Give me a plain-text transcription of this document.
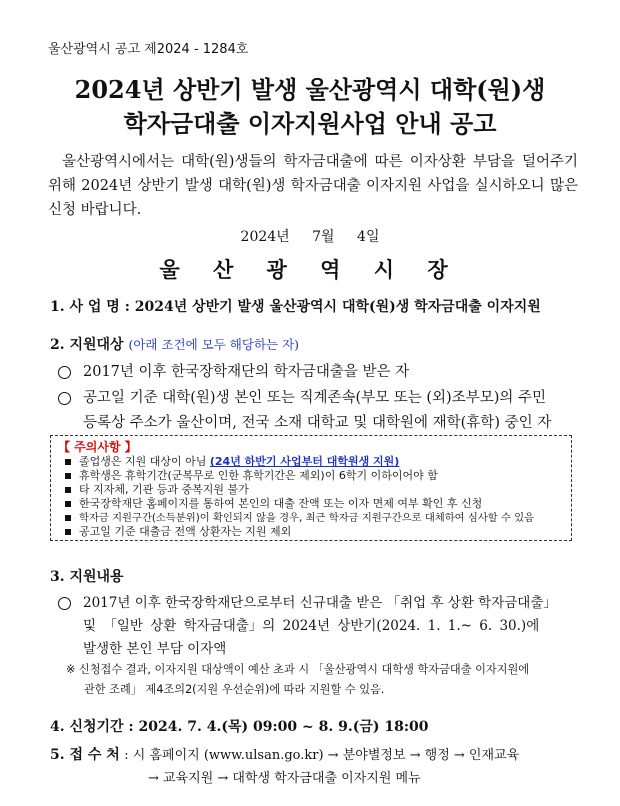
울산광역시 공고 제2024 - 1284호
2024년 상반기 발생 울산광역시 대학(원)생
학자금대출 이자지원사업 안내 공고
울산광역시에서는 대학(원)생들의 학자금대출에 따른 이자상환 부담을 덜어주기 위해 2024년 상반기 발생 대학(원)생 학자금대출 이자지원 사업을 실시하오니 많은 신청 바랍니다.
2024년 7월 4일
울 산 광 역 시 장
1. 사 업 명 : 2024년 상반기 발생 울산광역시 대학(원)생 학자금대출 이자지원
2. 지원대상 (아래 조건에 모두 해당하는 자)
2017년 이후 한국장학재단의 학자금대출을 받은 자
공고일 기준 대학(원)생 본인 또는 직계존속(부모 또는 (외)조부모)의 주민
등록상 주소가 울산이며, 전국 소재 대학교 및 대학원에 재학(휴학) 중인 자
【 주의사항 】
졸업생은 지원 대상이 아님 (24년 하반기 사업부터 대학원생 지원)
휴학생은 휴학기간(군복무로 인한 휴학기간은 제외)이 6학기 이하이어야 함
타 지자체, 기관 등과 중복지원 불가
한국장학재단 홈페이지를 통하여 본인의 대출 잔액 또는 이자 면제 여부 확인 후 신청
학자금 지원구간(소득분위)이 확인되지 않을 경우, 최근 학자금 지원구간으로 대체하여 심사할 수 있음
공고일 기준 대출금 전액 상환자는 지원 제외
3. 지원내용
2017년 이후 한국장학재단으로부터 신규대출 받은 「취업 후 상환 학자금대출」
및 「일반 상환 학자금대출」의 2024년 상반기(2024. 1. 1.~ 6. 30.)에
발생한 본인 부담 이자액
※ 신청접수 결과, 이자지원 대상액이 예산 초과 시 「울산광역시 대학생 학자금대출 이자지원에
관한 조례」 제4조의2(지원 우선순위)에 따라 지원할 수 있음.
4. 신청기간 : 2024. 7. 4.(목) 09:00 ~ 8. 9.(금) 18:00
5. 접 수 처 : 시 홈페이지 (www.ulsan.go.kr) → 분야별정보 → 행정 → 인재교육
→ 교육지원 → 대학생 학자금대출 이자지원 메뉴
